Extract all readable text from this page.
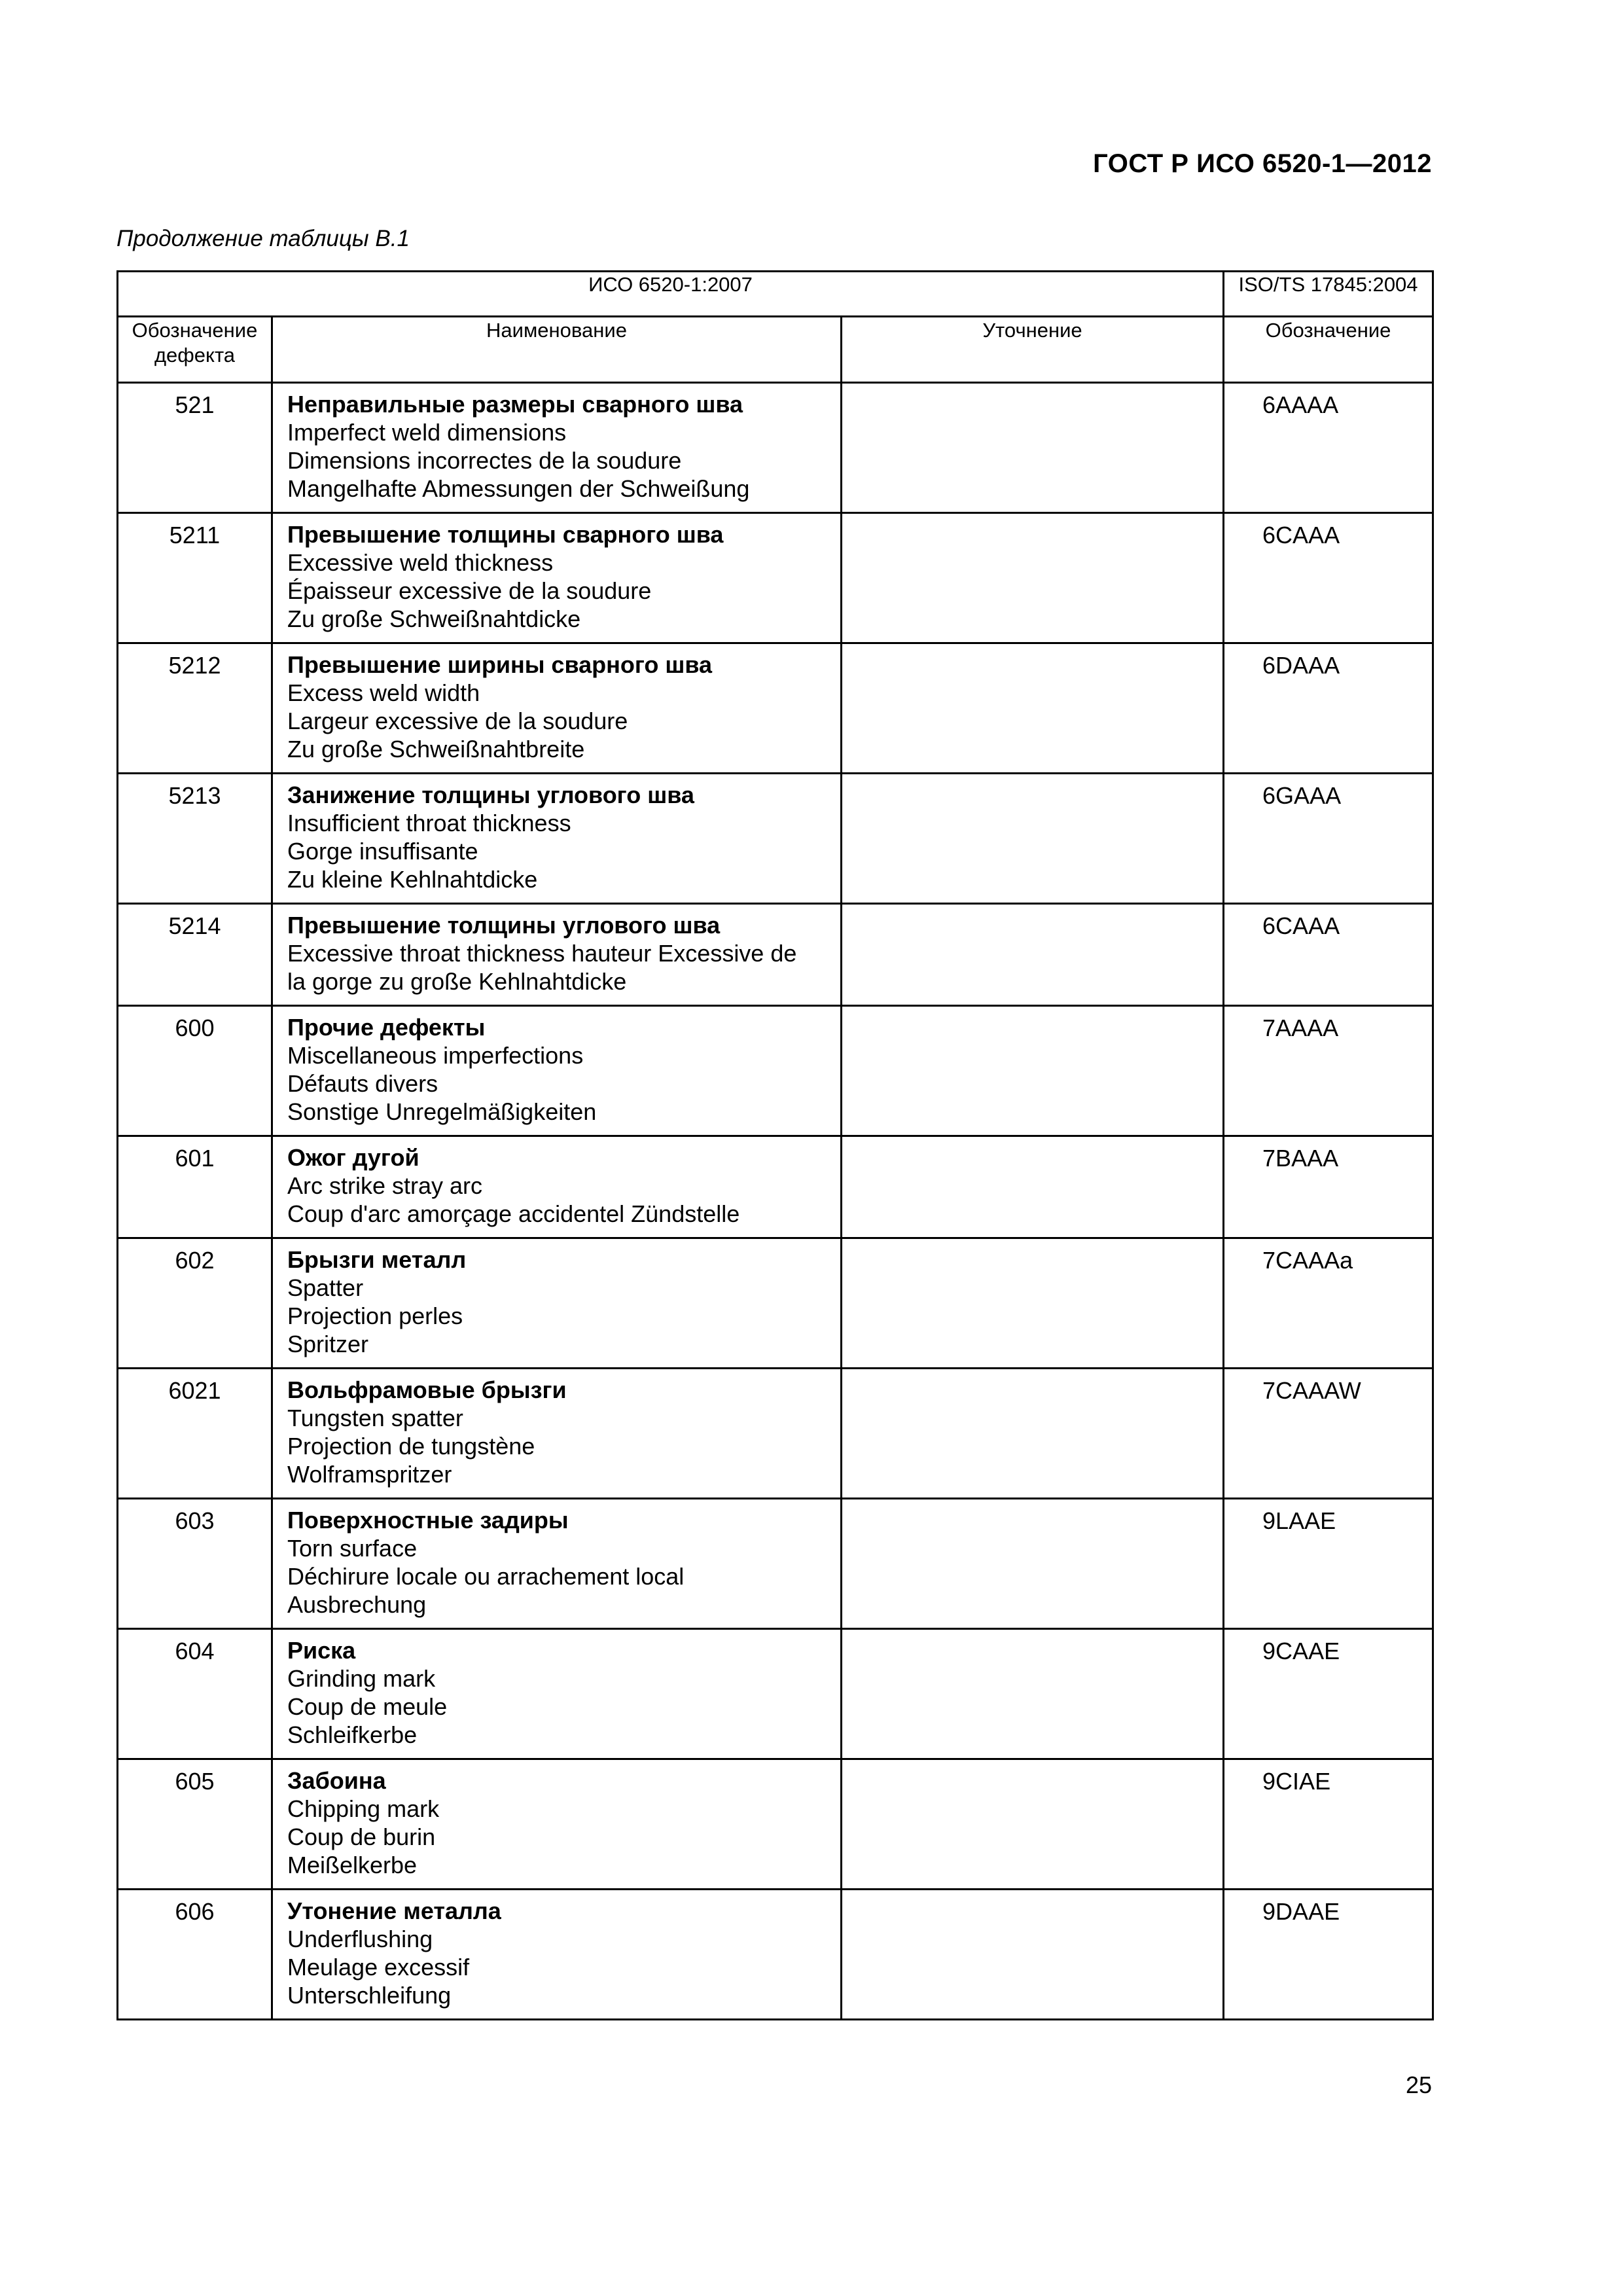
ГОСТ Р ИСО 6520-1—2012
Продолжение таблицы В.1
ИСО 6520-1:2007			ISO/TS 17845:2004
Обозначение дефекта	Наименование	Уточнение	Обозначение
521	Неправильные размеры сварного шва
Imperfect weld dimensions
Dimensions incorrectes de la soudure
Mangelhafte Abmessungen der Schweißung		6AAAA
5211	Превышение толщины сварного шва
Excessive weld thickness
Épaisseur excessive de la soudure
Zu große Schweißnahtdicke		6CAAA
5212	Превышение ширины сварного шва
Excess weld width
Largeur excessive de la soudure
Zu große Schweißnahtbreite		6DAAA
5213	Занижение толщины углового шва
Insufficient throat thickness
Gorge insuffisante
Zu kleine Kehlnahtdicke		6GAAA
5214	Превышение толщины углового шва
Excessive throat thickness hauteur Excessive de
la gorge zu große Kehlnahtdicke		6CAAA
600	Прочие дефекты
Miscellaneous imperfections
Défauts divers
Sonstige Unregelmäßigkeiten		7AAAA
601	Ожог дугой
Arc strike stray arc
Coup d'arc amorçage accidentel Zündstelle		7BAAA
602	Брызги металл
Spatter
Projection perles
Spritzer		7CAAAa
6021	Вольфрамовые брызги
Tungsten spatter
Projection de tungstène
Wolframspritzer		7CAAAW
603	Поверхностные задиры
Torn surface
Déchirure locale ou arrachement local
Ausbrechung		9LAAE
604	Риска
Grinding mark
Coup de meule
Schleifkerbe		9CAAE
605	Забоина
Chipping mark
Coup de burin
Meißelkerbe		9CIAE
606	Утонение металла
Underflushing
Meulage excessif
Unterschleifung		9DAAE
25
